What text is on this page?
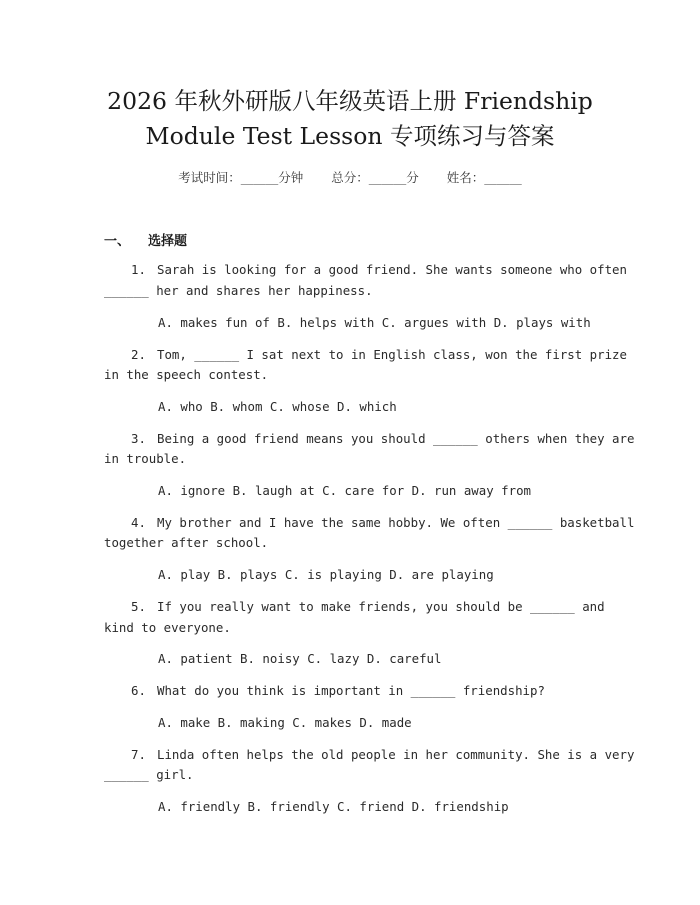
2026 年秋外研版八年级英语上册 Friendship
Module Test Lesson 专项练习与答案
考试时间：______分钟 总分：______分 姓名：______
一、 选择题
1. Sarah is looking for a good friend. She wants someone who often
______ her and shares her happiness.
A. makes fun of B. helps with C. argues with D. plays with
2. Tom, ______ I sat next to in English class, won the first prize
in the speech contest.
A. who B. whom C. whose D. which
3. Being a good friend means you should ______ others when they are
in trouble.
A. ignore B. laugh at C. care for D. run away from
4. My brother and I have the same hobby. We often ______ basketball
together after school.
A. play B. plays C. is playing D. are playing
5. If you really want to make friends, you should be ______ and
kind to everyone.
A. patient B. noisy C. lazy D. careful
6. What do you think is important in ______ friendship?
A. make B. making C. makes D. made
7. Linda often helps the old people in her community. She is a very
______ girl.
A. friendly B. friendly C. friend D. friendship
